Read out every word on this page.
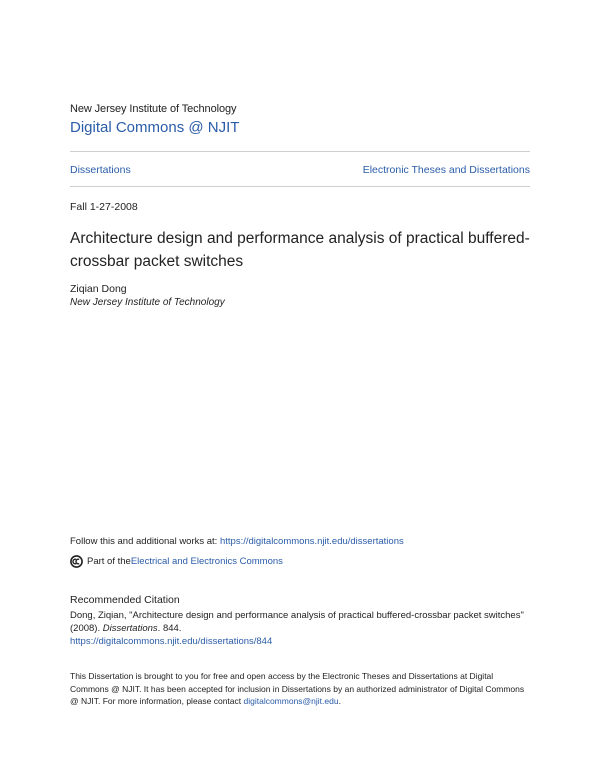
New Jersey Institute of Technology
Digital Commons @ NJIT
Dissertations	Electronic Theses and Dissertations
Fall 1-27-2008
Architecture design and performance analysis of practical buffered-crossbar packet switches
Ziqian Dong
New Jersey Institute of Technology
Follow this and additional works at: https://digitalcommons.njit.edu/dissertations
Part of the Electrical and Electronics Commons
Recommended Citation
Dong, Ziqian, "Architecture design and performance analysis of practical buffered-crossbar packet switches" (2008). Dissertations. 844.
https://digitalcommons.njit.edu/dissertations/844
This Dissertation is brought to you for free and open access by the Electronic Theses and Dissertations at Digital Commons @ NJIT. It has been accepted for inclusion in Dissertations by an authorized administrator of Digital Commons @ NJIT. For more information, please contact digitalcommons@njit.edu.
